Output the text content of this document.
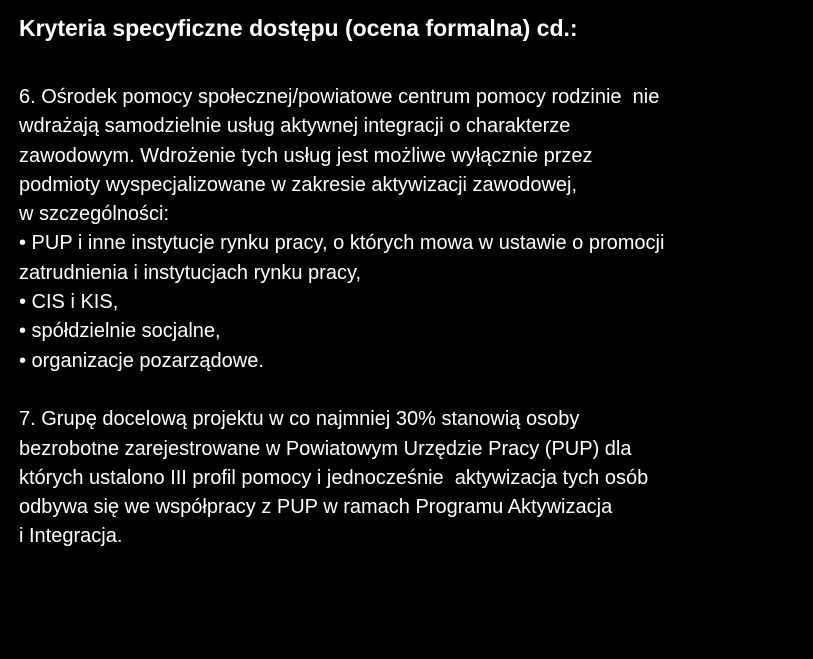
Kryteria specyficzne dostępu (ocena formalna) cd.:
6. Ośrodek pomocy społecznej/powiatowe centrum pomocy rodzinie  nie
wdrażają samodzielnie usług aktywnej integracji o charakterze
zawodowym. Wdrożenie tych usług jest możliwe wyłącznie przez
podmioty wyspecjalizowane w zakresie aktywizacji zawodowej,
w szczególności:
• PUP i inne instytucje rynku pracy, o których mowa w ustawie o promocji
zatrudnienia i instytucjach rynku pracy,
• CIS i KIS,
• spółdzielnie socjalne,
• organizacje pozarządowe.
7. Grupę docelową projektu w co najmniej 30% stanowią osoby
bezrobotne zarejestrowane w Powiatowym Urzędzie Pracy (PUP) dla
których ustalono III profil pomocy i jednocześnie  aktywizacja tych osób
odbywa się we współpracy z PUP w ramach Programu Aktywizacja
i Integracja.
